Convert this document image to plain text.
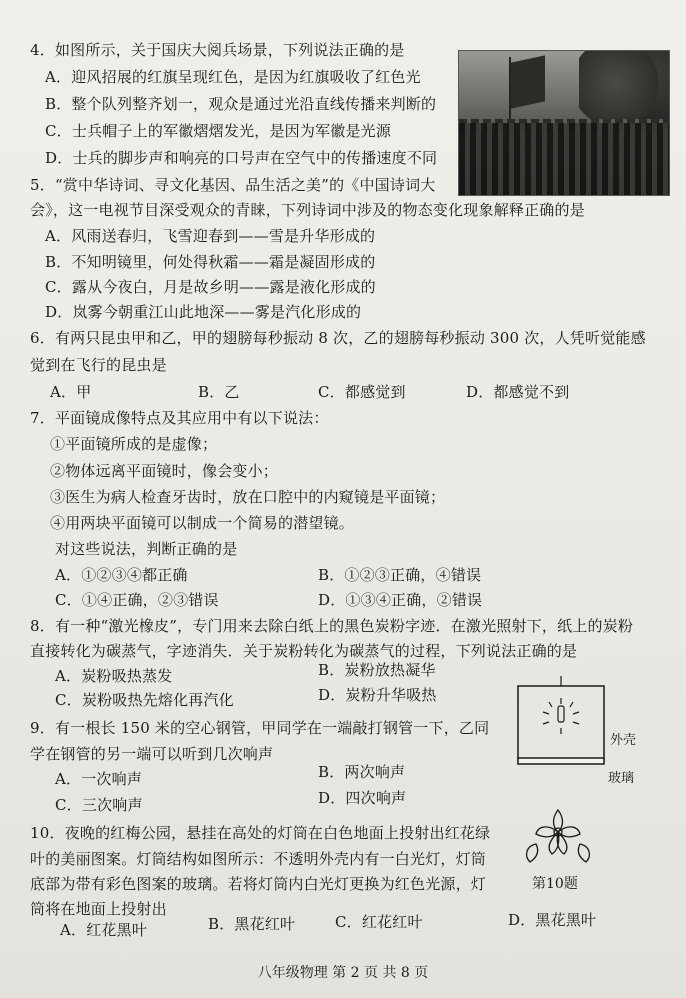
4．如图所示，关于国庆大阅兵场景，下列说法正确的是
A．迎风招展的红旗呈现红色，是因为红旗吸收了红色光
B．整个队列整齐划一，观众是通过光沿直线传播来判断的
C．士兵帽子上的军徽熠熠发光，是因为军徽是光源
D．士兵的脚步声和响亮的口号声在空气中的传播速度不同
5．“赏中华诗词、寻文化基因、品生活之美”的《中国诗词大
会》，这一电视节目深受观众的青睐，下列诗词中涉及的物态变化现象解释正确的是
A．风雨送春归，飞雪迎春到——雪是升华形成的
B．不知明镜里，何处得秋霜——霜是凝固形成的
C．露从今夜白，月是故乡明——露是液化形成的
D．岚雾今朝重江山此地深——雾是汽化形成的
6．有两只昆虫甲和乙，甲的翅膀每秒振动 8 次，乙的翅膀每秒振动 300 次，人凭听觉能感
觉到在飞行的昆虫是
A．甲	B．乙	C．都感觉到	D．都感觉不到
7．平面镜成像特点及其应用中有以下说法：
①平面镜所成的是虚像；
②物体远离平面镜时，像会变小；
③医生为病人检查牙齿时，放在口腔中的内窥镜是平面镜；
④用两块平面镜可以制成一个简易的潜望镜。
对这些说法，判断正确的是
A．①②③④都正确	B．①②③正确，④错误
C．①④正确，②③错误	D．①③④正确，②错误
8．有一种“激光橡皮”，专门用来去除白纸上的黑色炭粉字迹．在激光照射下，纸上的炭粉
直接转化为碳蒸气，字迹消失．关于炭粉转化为碳蒸气的过程，下列说法正确的是
A．炭粉吸热蒸发	B．炭粉放热凝华
C．炭粉吸热先熔化再汽化	D．炭粉升华吸热
9．有一根长 150 米的空心钢管，甲同学在一端敲打钢管一下，乙同
学在钢管的另一端可以听到几次响声
A．一次响声	B．两次响声
C．三次响声	D．四次响声
外壳
玻璃
第10题
10．夜晚的红梅公园，悬挂在高处的灯筒在白色地面上投射出红花绿
叶的美丽图案。灯筒结构如图所示：不透明外壳内有一白光灯，灯筒
底部为带有彩色图案的玻璃。若将灯筒内白光灯更换为红色光源，灯
筒将在地面上投射出
A．红花黑叶	B．黑花红叶	C．红花红叶	D．黑花黑叶
八年级物理 第 2 页 共 8 页
